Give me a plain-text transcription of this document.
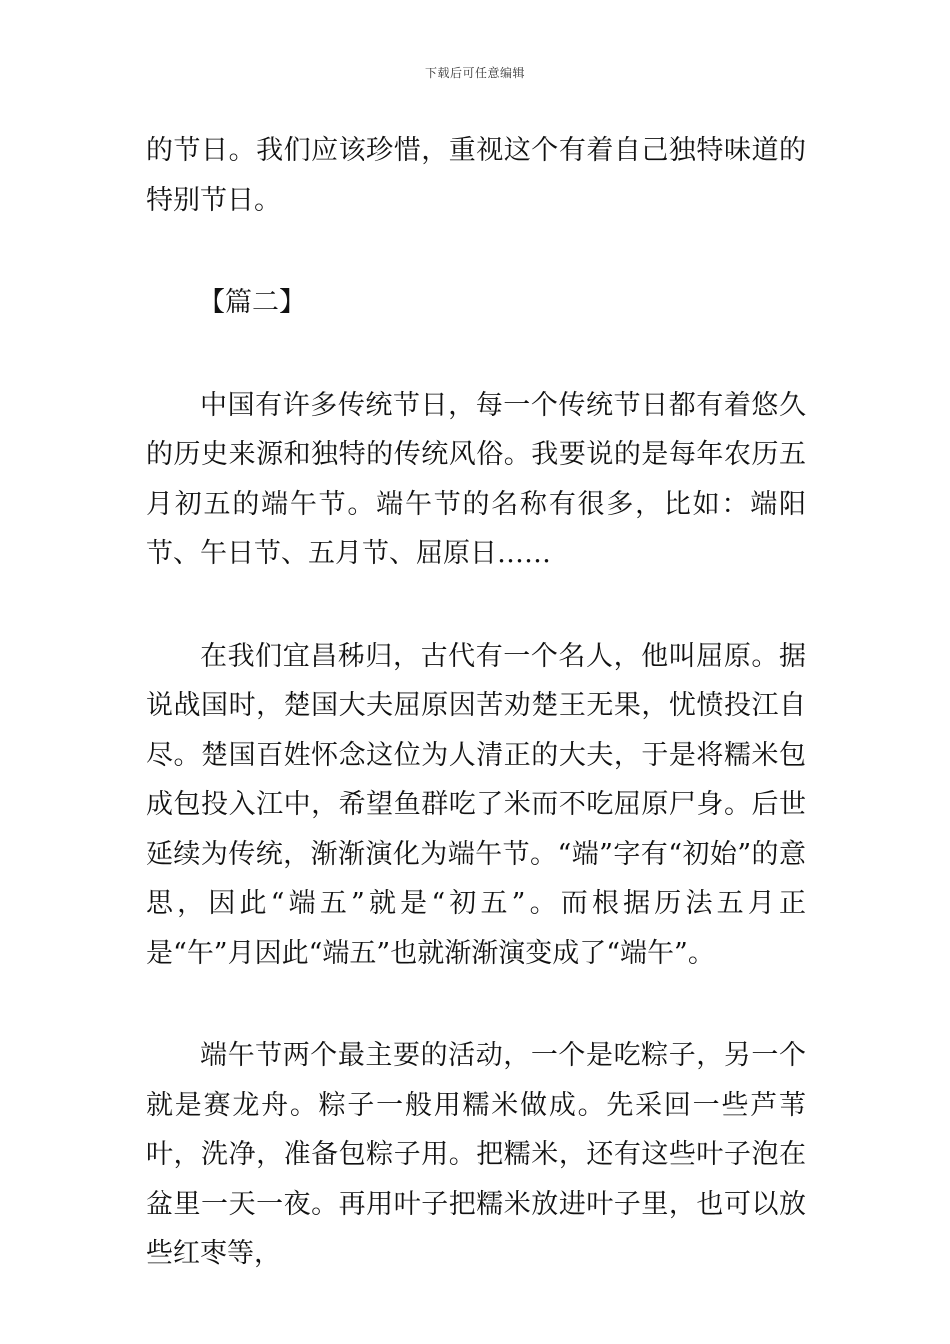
下载后可任意编辑

的节日。我们应该珍惜，重视这个有着自己独特味道的特别节日。

【篇二】

中国有许多传统节日，每一个传统节日都有着悠久的历史来源和独特的传统风俗。我要说的是每年农历五月初五的端午节。端午节的名称有很多，比如：端阳节、午日节、五月节、屈原日……

在我们宜昌秭归，古代有一个名人，他叫屈原。据说战国时，楚国大夫屈原因苦劝楚王无果，忧愤投江自尽。楚国百姓怀念这位为人清正的大夫，于是将糯米包成包投入江中，希望鱼群吃了米而不吃屈原尸身。后世延续为传统，渐渐演化为端午节。“端”字有“初始”的意思，因此“端五”就是“初五”。而根据历法五月正是“午”月因此“端五”也就渐渐演变成了“端午”。

端午节两个最主要的活动，一个是吃粽子，另一个就是赛龙舟。粽子一般用糯米做成。先采回一些芦苇叶，洗净，准备包粽子用。把糯米，还有这些叶子泡在盆里一天一夜。再用叶子把糯米放进叶子里，也可以放些红枣等，
